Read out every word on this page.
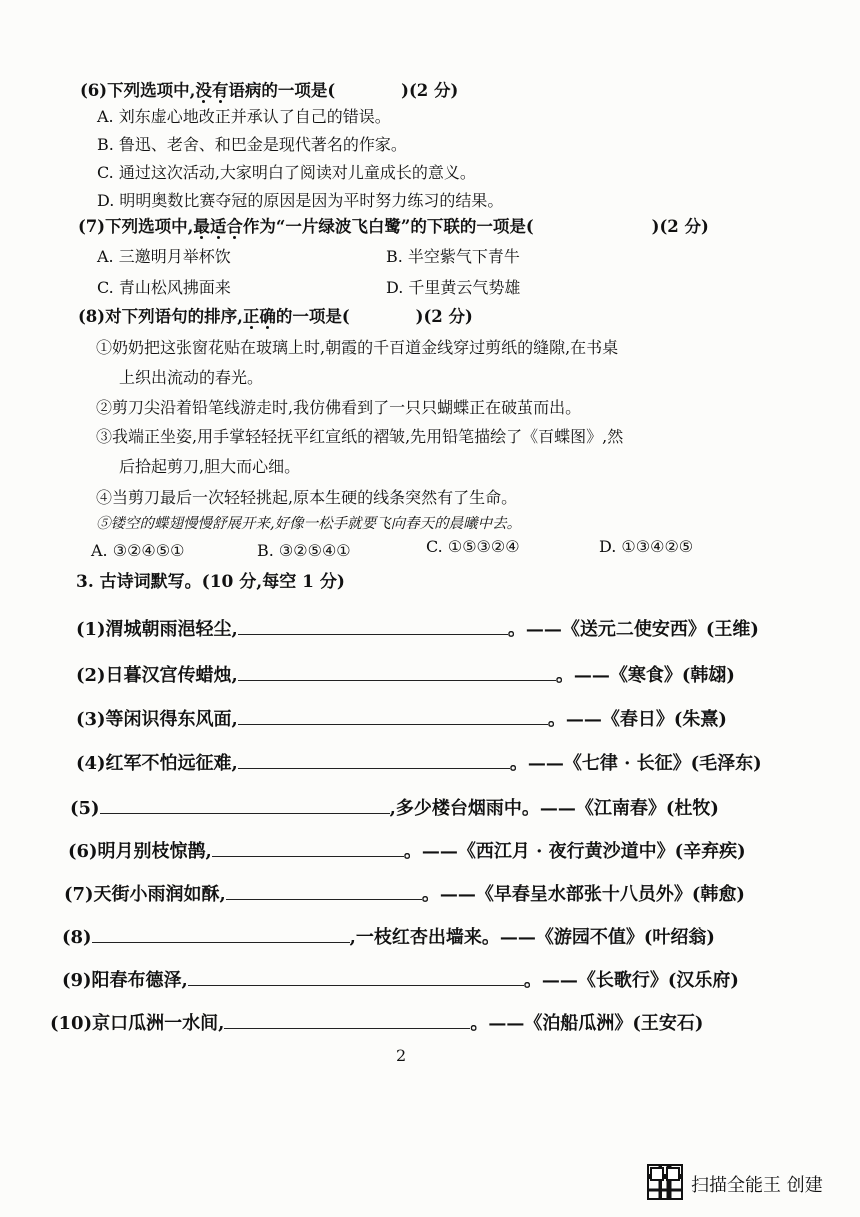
(6)下列选项中,没有语病的一项是(	)(2 分)
A. 刘东虚心地改正并承认了自己的错误。
B. 鲁迅、老舍、和巴金是现代著名的作家。
C. 通过这次活动,大家明白了阅读对儿童成长的意义。
D. 明明奥数比赛夺冠的原因是因为平时努力练习的结果。
(7)下列选项中,最适合作为“一片绿波飞白鹭”的下联的一项是(	)(2 分)
A. 三邀明月举杯饮	B. 半空紫气下青牛
C. 青山松风拂面来	D. 千里黄云气势雄
(8)对下列语句的排序,正确的一项是(	)(2 分)
①奶奶把这张窗花贴在玻璃上时,朝霞的千百道金线穿过剪纸的缝隙,在书桌
上织出流动的春光。
②剪刀尖沿着铅笔线游走时,我仿佛看到了一只只蝴蝶正在破茧而出。
③我端正坐姿,用手掌轻轻抚平红宣纸的褶皱,先用铅笔描绘了《百蝶图》,然
后拾起剪刀,胆大而心细。
④当剪刀最后一次轻轻挑起,原本生硬的线条突然有了生命。
⑤镂空的蝶翅慢慢舒展开来,好像一松手就要飞向春天的晨曦中去。
A. ③②④⑤①	B. ③②⑤④①	C. ①⑤③②④	D. ①③④②⑤
3. 古诗词默写。(10 分,每空 1 分)
(1)渭城朝雨浥轻尘,	。——《送元二使安西》(王维)
(2)日暮汉宫传蜡烛,	。——《寒食》(韩翃)
(3)等闲识得东风面,	。——《春日》(朱熹)
(4)红军不怕远征难,	。——《七律 · 长征》(毛泽东)
(5)	,多少楼台烟雨中。——《江南春》(杜牧)
(6)明月别枝惊鹊,	。——《西江月 · 夜行黄沙道中》(辛弃疾)
(7)天街小雨润如酥,	。——《早春呈水部张十八员外》(韩愈)
(8)	,一枝红杏出墙来。——《游园不值》(叶绍翁)
(9)阳春布德泽,	。——《长歌行》(汉乐府)
(10)京口瓜洲一水间,	。——《泊船瓜洲》(王安石)
2
扫描全能王 创建
